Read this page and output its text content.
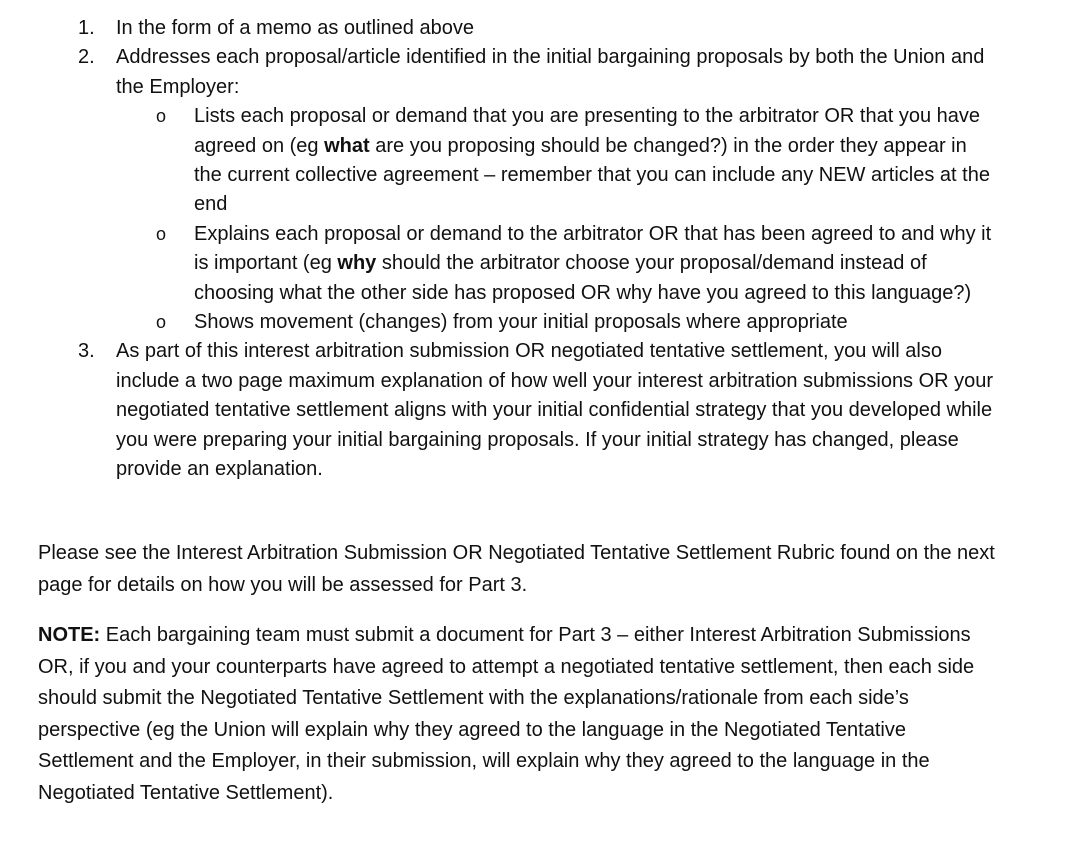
1. In the form of a memo as outlined above
2. Addresses each proposal/article identified in the initial bargaining proposals by both the Union and the Employer:
o Lists each proposal or demand that you are presenting to the arbitrator OR that you have agreed on (eg what are you proposing should be changed?) in the order they appear in the current collective agreement – remember that you can include any NEW articles at the end
o Explains each proposal or demand to the arbitrator OR that has been agreed to and why it is important (eg why should the arbitrator choose your proposal/demand instead of choosing what the other side has proposed OR why have you agreed to this language?)
o Shows movement (changes) from your initial proposals where appropriate
3. As part of this interest arbitration submission OR negotiated tentative settlement, you will also include a two page maximum explanation of how well your interest arbitration submissions OR your negotiated tentative settlement aligns with your initial confidential strategy that you developed while you were preparing your initial bargaining proposals. If your initial strategy has changed, please provide an explanation.

Please see the Interest Arbitration Submission OR Negotiated Tentative Settlement Rubric found on the next page for details on how you will be assessed for Part 3.

NOTE: Each bargaining team must submit a document for Part 3 – either Interest Arbitration Submissions OR, if you and your counterparts have agreed to attempt a negotiated tentative settlement, then each side should submit the Negotiated Tentative Settlement with the explanations/rationale from each side’s perspective (eg the Union will explain why they agreed to the language in the Negotiated Tentative Settlement and the Employer, in their submission, will explain why they agreed to the language in the Negotiated Tentative Settlement).
